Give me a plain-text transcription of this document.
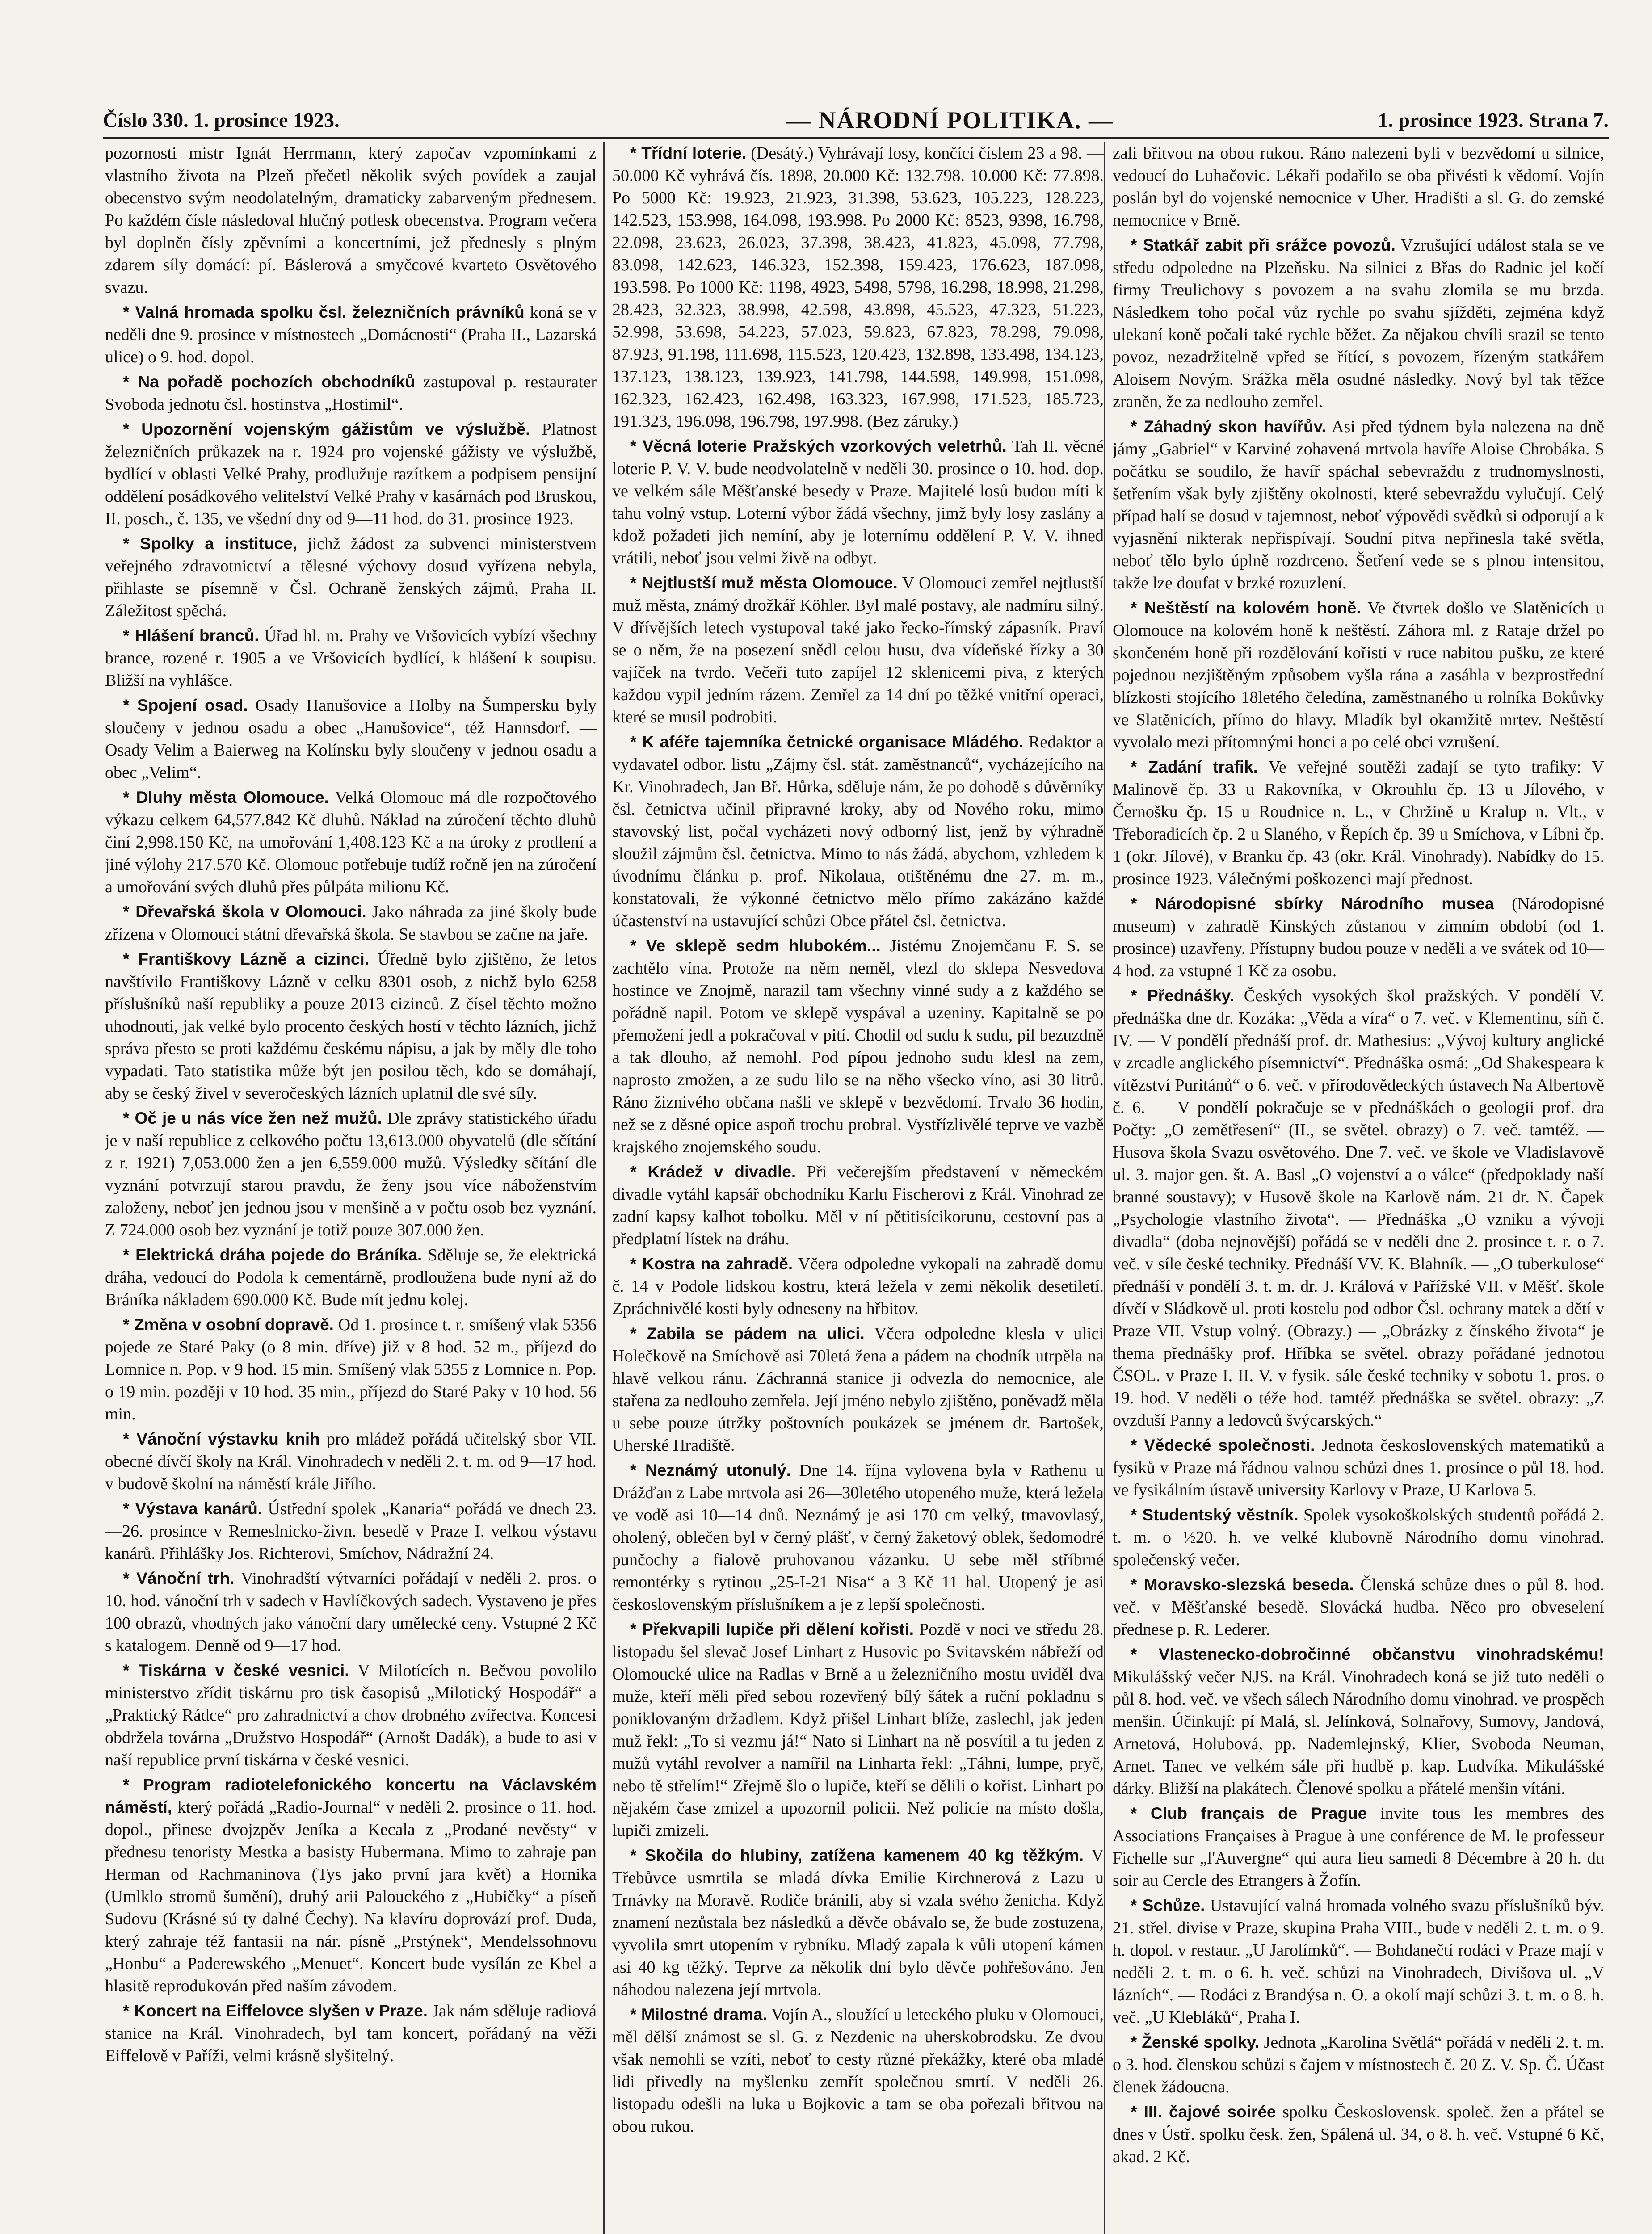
Číslo 330. 1. prosince 1923.	— NÁRODNÍ POLITIKA. —	1. prosince 1923. Strana 7.

pozornosti mistr Ignát Herrmann, který započav vzpomínkami z vlastního života na Plzeň přečetl několik svých povídek a zaujal obecenstvo svým neodolatelným, dramaticky zabarveným přednesem. Po každém čísle následoval hlučný potlesk obecenstva. Program večera byl doplněn čísly zpěvními a koncertními, jež přednesly s plným zdarem síly domácí: pí. Báslerová a smyčcové kvarteto Osvětového svazu.

* Valná hromada spolku čsl. železničních právníků koná se v neděli dne 9. prosince v místnostech „Domácnosti“ (Praha II., Lazarská ulice) o 9. hod. dopol.

* Na pořadě pochozích obchodníků zastupoval p. restaurater Svoboda jednotu čsl. hostinstva „Hostimil“.

* Upozornění vojenským gážistům ve výslužbě. Platnost železničních průkazek na r. 1924 pro vojenské gážisty ve výslužbě, bydlící v oblasti Velké Prahy, prodlužuje razítkem a podpisem pensijní oddělení posádkového velitelství Velké Prahy v kasárnách pod Bruskou, II. posch., č. 135, ve všední dny od 9—11 hod. do 31. prosince 1923.

* Spolky a instituce, jichž žádost za subvenci ministerstvem veřejného zdravotnictví a tělesné výchovy dosud vyřízena nebyla, přihlaste se písemně v Čsl. Ochraně ženských zájmů, Praha II. Záležitost spěchá.

* Hlášení branců. Úřad hl. m. Prahy ve Vršovicích vybízí všechny brance, rozené r. 1905 a ve Vršovicích bydlící, k hlášení k soupisu. Bližší na vyhlášce.

* Spojení osad. Osady Hanušovice a Holby na Šumpersku byly sloučeny v jednou osadu a obec „Hanušovice“, též Hannsdorf. — Osady Velim a Baierweg na Kolínsku byly sloučeny v jednou osadu a obec „Velim“.

* Dluhy města Olomouce. Velká Olomouc má dle rozpočtového výkazu celkem 64,577.842 Kč dluhů. Náklad na zúročení těchto dluhů činí 2,998.150 Kč, na umořování 1,408.123 Kč a na úroky z prodlení a jiné výlohy 217.570 Kč. Olomouc potřebuje tudíž ročně jen na zúročení a umořování svých dluhů přes půlpáta milionu Kč.

* Dřevařská škola v Olomouci. Jako náhrada za jiné školy bude zřízena v Olomouci státní dřevařská škola. Se stavbou se začne na jaře.

* Františkovy Lázně a cizinci. Úředně bylo zjištěno, že letos navštívilo Františkovy Lázně v celku 8301 osob, z nichž bylo 6258 příslušníků naší republiky a pouze 2013 cizinců. Z čísel těchto možno uhodnouti, jak velké bylo procento českých hostí v těchto lázních, jichž správa přesto se proti každému českému nápisu, a jak by měly dle toho vypadati. Tato statistika může být jen posilou těch, kdo se domáhají, aby se český živel v severočeských lázních uplatnil dle své síly.

* Oč je u nás více žen než mužů. Dle zprávy statistického úřadu je v naší republice z celkového počtu 13,613.000 obyvatelů (dle sčítání z r. 1921) 7,053.000 žen a jen 6,559.000 mužů. Výsledky sčítání dle vyznání potvrzují starou pravdu, že ženy jsou více náboženstvím založeny, neboť jen jednou jsou v menšině a v počtu osob bez vyznání. Z 724.000 osob bez vyznání je totiž pouze 307.000 žen.

* Elektrická dráha pojede do Bráníka. Sděluje se, že elektrická dráha, vedoucí do Podola k cementárně, prodloužena bude nyní až do Bráníka nákladem 690.000 Kč. Bude mít jednu kolej.

* Změna v osobní dopravě. Od 1. prosince t. r. smíšený vlak 5356 pojede ze Staré Paky (o 8 min. dříve) již v 8 hod. 52 m., příjezd do Lomnice n. Pop. v 9 hod. 15 min. Smíšený vlak 5355 z Lomnice n. Pop. o 19 min. později v 10 hod. 35 min., příjezd do Staré Paky v 10 hod. 56 min.

* Vánoční výstavku knih pro mládež pořádá učitelský sbor VII. obecné dívčí školy na Král. Vinohradech v neděli 2. t. m. od 9—17 hod. v budově školní na náměstí krále Jiřího.

* Výstava kanárů. Ústřední spolek „Kanaria“ pořádá ve dnech 23.—26. prosince v Remeslnicko-živn. besedě v Praze I. velkou výstavu kanárů. Přihlášky Jos. Richterovi, Smíchov, Nádražní 24.

* Vánoční trh. Vinohradští výtvarníci pořádají v neděli 2. pros. o 10. hod. vánoční trh v sadech v Havlíčkových sadech. Vystaveno je přes 100 obrazů, vhodných jako vánoční dary umělecké ceny. Vstupné 2 Kč s katalogem. Denně od 9—17 hod.

* Tiskárna v české vesnici. V Milotících n. Bečvou povolilo ministerstvo zřídit tiskárnu pro tisk časopisů „Milotický Hospodář“ a „Praktický Rádce“ pro zahradnictví a chov drobného zvířectva. Koncesi obdržela továrna „Družstvo Hospodář“ (Arnošt Dadák), a bude to asi v naší republice první tiskárna v české vesnici.

* Program radiotelefonického koncertu na Václavském náměstí, který pořádá „Radio-Journal“ v neděli 2. prosince o 11. hod. dopol., přinese dvojzpěv Jeníka a Kecala z „Prodané nevěsty“ v přednesu tenoristy Mestka a basisty Hubermana. Mimo to zahraje pan Herman od Rachmaninova (Tys jako první jara květ) a Hornika (Umlklo stromů šumění), druhý arii Palouckého z „Hubičky“ a píseň Sudovu (Krásné sú ty dalné Čechy). Na klavíru doprovází prof. Duda, který zahraje též fantasii na nár. písně „Prstýnek“, Mendelssohnovu „Honbu“ a Paderewského „Menuet“. Koncert bude vysílán ze Kbel a hlasitě reprodukován před naším závodem.

* Koncert na Eiffelovce slyšen v Praze. Jak nám sděluje radiová stanice na Král. Vinohradech, byl tam koncert, pořádaný na věži Eiffelově v Paříži, velmi krásně slyšitelný.

* Třídní loterie. (Desátý.) Vyhrávají losy, končící číslem 23 a 98. — 50.000 Kč vyhrává čís. 1898, 20.000 Kč: 132.798. 10.000 Kč: 77.898. Po 5000 Kč: 19.923, 21.923, 31.398, 53.623, 105.223, 128.223, 142.523, 153.998, 164.098, 193.998. Po 2000 Kč: 8523, 9398, 16.798, 22.098, 23.623, 26.023, 37.398, 38.423, 41.823, 45.098, 77.798, 83.098, 142.623, 146.323, 152.398, 159.423, 176.623, 187.098, 193.598. Po 1000 Kč: 1198, 4923, 5498, 5798, 16.298, 18.998, 21.298, 28.423, 32.323, 38.998, 42.598, 43.898, 45.523, 47.323, 51.223, 52.998, 53.698, 54.223, 57.023, 59.823, 67.823, 78.298, 79.098, 87.923, 91.198, 111.698, 115.523, 120.423, 132.898, 133.498, 134.123, 137.123, 138.123, 139.923, 141.798, 144.598, 149.998, 151.098, 162.323, 162.423, 162.498, 163.323, 167.998, 171.523, 185.723, 191.323, 196.098, 196.798, 197.998. (Bez záruky.)

* Věcná loterie Pražských vzorkových veletrhů. Tah II. věcné loterie P. V. V. bude neodvolatelně v neděli 30. prosince o 10. hod. dop. ve velkém sále Měšťanské besedy v Praze. Majitelé losů budou míti k tahu volný vstup. Loterní výbor žádá všechny, jimž byly losy zaslány a kdož požadeti jich nemíní, aby je loternímu oddělení P. V. V. ihned vrátili, neboť jsou velmi živě na odbyt.

* Nejtlustší muž města Olomouce. V Olomouci zemřel nejtlustší muž města, známý drožkář Köhler. Byl malé postavy, ale nadmíru silný. V dřívějších letech vystupoval také jako řecko-římský zápasník. Praví se o něm, že na posezení snědl celou husu, dva vídeňské řízky a 30 vajíček na tvrdo. Večeři tuto zapíjel 12 sklenicemi piva, z kterých každou vypil jedním rázem. Zemřel za 14 dní po těžké vnitřní operaci, které se musil podrobiti.

* K aféře tajemníka četnické organisace Mládého. Redaktor a vydavatel odbor. listu „Zájmy čsl. stát. zaměstnanců“, vycházejícího na Kr. Vinohradech, Jan Bř. Hůrka, sděluje nám, že po dohodě s důvěrníky čsl. četnictva učinil připravné kroky, aby od Nového roku, mimo stavovský list, počal vycházeti nový odborný list, jenž by výhradně sloužil zájmům čsl. četnictva. Mimo to nás žádá, abychom, vzhledem k úvodnímu článku p. prof. Nikolaua, otištěnému dne 27. m. m., konstatovali, že výkonné četnictvo mělo přímo zakázáno každé účastenství na ustavující schůzi Obce přátel čsl. četnictva.

* Ve sklepě sedm hlubokém... Jistému Znojemčanu F. S. se zachtělo vína. Protože na něm neměl, vlezl do sklepa Nesvedova hostince ve Znojmě, narazil tam všechny vinné sudy a z každého se pořádně napil. Potom ve sklepě vyspával a uzeniny. Kapitalně se po přemožení jedl a pokračoval v pití. Chodil od sudu k sudu, pil bezuzdně a tak dlouho, až nemohl. Pod pípou jednoho sudu klesl na zem, naprosto zmožen, a ze sudu lilo se na něho všecko víno, asi 30 litrů. Ráno žiznivého občana našli ve sklepě v bezvědomí. Trvalo 36 hodin, než se z děsné opice aspoň trochu probral. Vystřízlivělé teprve ve vazbě krajského znojemského soudu.

* Krádež v divadle. Při večerejším představení v německém divadle vytáhl kapsář obchodníku Karlu Fischerovi z Král. Vinohrad ze zadní kapsy kalhot tobolku. Měl v ní pětitisícikorunu, cestovní pas a předplatní lístek na dráhu.

* Kostra na zahradě. Včera odpoledne vykopali na zahradě domu č. 14 v Podole lidskou kostru, která ležela v zemi několik desetiletí. Zpráchnivělé kosti byly odneseny na hřbitov.

* Zabila se pádem na ulici. Včera odpoledne klesla v ulici Holečkově na Smíchově asi 70letá žena a pádem na chodník utrpěla na hlavě velkou ránu. Záchranná stanice ji odvezla do nemocnice, ale stařena za nedlouho zemřela. Její jméno nebylo zjištěno, poněvadž měla u sebe pouze útržky poštovních poukázek se jménem dr. Bartošek, Uherské Hradiště.

* Neznámý utonulý. Dne 14. října vylovena byla v Rathenu u Drážďan z Labe mrtvola asi 26—30letého utopeného muže, která ležela ve vodě asi 10—14 dnů. Neznámý je asi 170 cm velký, tmavovlasý, oholený, oblečen byl v černý plášť, v černý žaketový oblek, šedomodré punčochy a fialově pruhovanou vázanku. U sebe měl stříbrné remontérky s rytinou „25-I-21 Nisa“ a 3 Kč 11 hal. Utopený je asi československým příslušníkem a je z lepší společnosti.

* Překvapili lupiče při dělení kořisti. Pozdě v noci ve středu 28. listopadu šel slevač Josef Linhart z Husovic po Svitavském nábřeží od Olomoucké ulice na Radlas v Brně a u železničního mostu uviděl dva muže, kteří měli před sebou rozevřený bílý šátek a ruční pokladnu s poniklovaným držadlem. Když přišel Linhart blíže, zaslechl, jak jeden muž řekl: „To si vezmu já!“ Nato si Linhart na ně posvítil a tu jeden z mužů vytáhl revolver a namířil na Linharta řekl: „Táhni, lumpe, pryč, nebo tě střelím!“ Zřejmě šlo o lupiče, kteří se dělili o kořist. Linhart po nějakém čase zmizel a upozornil policii. Než policie na místo došla, lupiči zmizeli.

* Skočila do hlubiny, zatížena kamenem 40 kg těžkým. V Třebůvce usmrtila se mladá dívka Emilie Kirchnerová z Lazu u Trnávky na Moravě. Rodiče bránili, aby si vzala svého ženicha. Když znamení nezůstala bez následků a děvče obávalo se, že bude zostuzena, vyvolila smrt utopením v rybníku. Mladý zapala k vůli utopení kámen asi 40 kg těžký. Teprve za několik dní bylo děvče pohřešováno. Jen náhodou nalezena její mrtvola.

* Milostné drama. Vojín A., sloužící u leteckého pluku v Olomouci, měl dělší známost se sl. G. z Nezdenic na uherskobrodsku. Ze dvou však nemohli se vzíti, neboť to cesty různé překážky, které oba mladé lidi přivedly na myšlenku zemřít společnou smrtí. V neděli 26. listopadu odešli na luka u Bojkovic a tam se oba pořezali břitvou na obou rukou.

zali břitvou na obou rukou. Ráno nalezeni byli v bezvědomí u silnice, vedoucí do Luhačovic. Lékaři podařilo se oba přivésti k vědomí. Vojín poslán byl do vojenské nemocnice v Uher. Hradišti a sl. G. do zemské nemocnice v Brně.

* Statkář zabit při srážce povozů. Vzrušující událost stala se ve středu odpoledne na Plzeňsku. Na silnici z Břas do Radnic jel kočí firmy Treulichovy s povozem a na svahu zlomila se mu brzda. Následkem toho počal vůz rychle po svahu sjížděti, zejména když ulekaní koně počali také rychle běžet. Za nějakou chvíli srazil se tento povoz, nezadržitelně vpřed se řítící, s povozem, řízeným statkářem Aloisem Novým. Srážka měla osudné následky. Nový byl tak těžce zraněn, že za nedlouho zemřel.

* Záhadný skon havířův. Asi před týdnem byla nalezena na dně jámy „Gabriel“ v Karviné zohavená mrtvola havíře Aloise Chrobáka. S počátku se soudilo, že havíř spáchal sebevraždu z trudnomyslnosti, šetřením však byly zjištěny okolnosti, které sebevraždu vylučují. Celý případ halí se dosud v tajemnost, neboť výpovědi svědků si odporují a k vyjasnění nikterak nepřispívají. Soudní pitva nepřinesla také světla, neboť tělo bylo úplně rozdrceno. Šetření vede se s plnou intensitou, takže lze doufat v brzké rozuzlení.

* Neštěstí na kolovém honě. Ve čtvrtek došlo ve Slatěnicích u Olomouce na kolovém honě k neštěstí. Záhora ml. z Rataje držel po skončeném honě při rozdělování kořisti v ruce nabitou pušku, ze které pojednou nezjištěným způsobem vyšla rána a zasáhla v bezprostřední blízkosti stojícího 18letého čeledína, zaměstnaného u rolníka Bokůvky ve Slatěnicích, přímo do hlavy. Mladík byl okamžitě mrtev. Neštěstí vyvolalo mezi přítomnými honci a po celé obci vzrušení.

* Zadání trafik. Ve veřejné soutěži zadají se tyto trafiky: V Malinově čp. 33 u Rakovníka, v Okrouhlu čp. 13 u Jílového, v Černošku čp. 15 u Roudnice n. L., v Chržině u Kralup n. Vlt., v Třeboradicích čp. 2 u Slaného, v Řepích čp. 39 u Smíchova, v Líbni čp. 1 (okr. Jílové), v Branku čp. 43 (okr. Král. Vinohrady). Nabídky do 15. prosince 1923. Válečnými poškozenci mají přednost.

* Národopisné sbírky Národního musea (Národopisné museum) v zahradě Kinských zůstanou v zimním období (od 1. prosince) uzavřeny. Přístupny budou pouze v neděli a ve svátek od 10—4 hod. za vstupné 1 Kč za osobu.

* Přednášky. Českých vysokých škol pražských. V pondělí V. přednáška dne dr. Kozáka: „Věda a víra“ o 7. več. v Klementinu, síň č. IV. — V pondělí přednáší prof. dr. Mathesius: „Vývoj kultury anglické v zrcadle anglického písemnictví“. Přednáška osmá: „Od Shakespeara k vítězství Puritánů“ o 6. več. v přírodovědeckých ústavech Na Albertově č. 6. — V pondělí pokračuje se v přednáškách o geologii prof. dra Počty: „O zemětřesení“ (II., se světel. obrazy) o 7. več. tamtéž. — Husova škola Svazu osvětového. Dne 7. več. ve škole ve Vladislavově ul. 3. major gen. št. A. Basl „O vojenství a o válce“ (předpoklady naší branné soustavy); v Husově škole na Karlově nám. 21 dr. N. Čapek „Psychologie vlastního života“. — Přednáška „O vzniku a vývoji divadla“ (doba nejnovější) pořádá se v neděli dne 2. prosince t. r. o 7. več. v síle české techniky. Přednáší VV. K. Blahník. — „O tuberkulose“ přednáší v pondělí 3. t. m. dr. J. Králová v Pařížské VII. v Měšť. škole dívčí v Sládkově ul. proti kostelu pod odbor Čsl. ochrany matek a dětí v Praze VII. Vstup volný. (Obrazy.) — „Obrázky z čínského života“ je thema přednášky prof. Hříbka se světel. obrazy pořádané jednotou ČSOL. v Praze I. II. V. v fysik. sále české techniky v sobotu 1. pros. o 19. hod. V neděli o téže hod. tamtéž přednáška se světel. obrazy: „Z ovzduší Panny a ledovců švýcarských.“

* Vědecké společnosti. Jednota československých matematiků a fysiků v Praze má řádnou valnou schůzi dnes 1. prosince o půl 18. hod. ve fysikálním ústavě university Karlovy v Praze, U Karlova 5.

* Studentský věstník. Spolek vysokoškolských studentů pořádá 2. t. m. o ½20. h. ve velké klubovně Národního domu vinohrad. společenský večer.

* Moravsko-slezská beseda. Členská schůze dnes o půl 8. hod. več. v Měšťanské besedě. Slovácká hudba. Něco pro obveselení přednese p. R. Lederer.

* Vlastenecko-dobročinné občanstvu vinohradskému! Mikulášský večer NJS. na Král. Vinohradech koná se již tuto neděli o půl 8. hod. več. ve všech sálech Národního domu vinohrad. ve prospěch menšin. Účinkují: pí Malá, sl. Jelínková, Solnařovy, Sumovy, Jandová, Arnetová, Holubová, pp. Nademlejnský, Klier, Svoboda Neuman, Arnet. Tanec ve velkém sále při hudbě p. kap. Ludvíka. Mikulášské dárky. Bližší na plakátech. Členové spolku a přátelé menšin vítáni.

* Club français de Prague invite tous les membres des Associations Françaises à Prague à une conférence de M. le professeur Fichelle sur „l'Auvergne“ qui aura lieu samedi 8 Décembre à 20 h. du soir au Cercle des Etrangers à Žofín.

* Schůze. Ustavující valná hromada volného svazu příslušníků býv. 21. střel. divise v Praze, skupina Praha VIII., bude v neděli 2. t. m. o 9. h. dopol. v restaur. „U Jarolímků“. — Bohdanečtí rodáci v Praze mají v neděli 2. t. m. o 6. h. več. schůzi na Vinohradech, Divišova ul. „V lázních“. — Rodáci z Brandýsa n. O. a okolí mají schůzi 3. t. m. o 8. h. več. „U Klebláků“, Praha I.

* Ženské spolky. Jednota „Karolina Světlá“ pořádá v neděli 2. t. m. o 3. hod. členskou schůzi s čajem v místnostech č. 20 Z. V. Sp. Č. Účast členek žádoucna.

* III. čajové soirée spolku Československ. společ. žen a přátel se dnes v Ústř. spolku česk. žen, Spálená ul. 34, o 8. h. več. Vstupné 6 Kč, akad. 2 Kč.
